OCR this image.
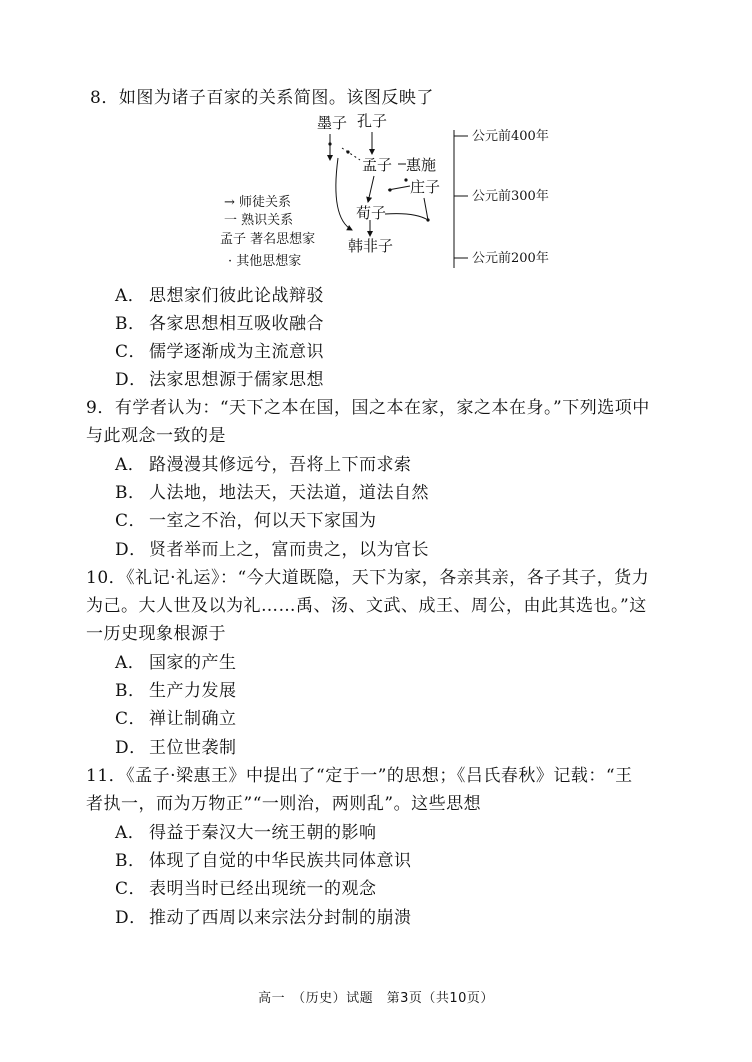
8．如图为诸子百家的关系简图。该图反映了
墨子 孔子
孟子 惠施
庄子
荀子
韩非子
→ 师徒关系
一 熟识关系
孟子 著名思想家
· 其他思想家
公元前400年
公元前300年
公元前200年
A． 思想家们彼此论战辩驳
B． 各家思想相互吸收融合
C． 儒学逐渐成为主流意识
D． 法家思想源于儒家思想
9．有学者认为：“天下之本在国，国之本在家，家之本在身。”下列选项中
与此观念一致的是
A． 路漫漫其修远兮，吾将上下而求索
B． 人法地，地法天，天法道，道法自然
C． 一室之不治，何以天下家国为
D． 贤者举而上之，富而贵之，以为官长
10．《礼记·礼运》：“今大道既隐，天下为家，各亲其亲，各子其子，货力
为己。大人世及以为礼……禹、汤、文武、成王、周公，由此其选也。”这
一历史现象根源于
A． 国家的产生
B． 生产力发展
C． 禅让制确立
D． 王位世袭制
11．《孟子·梁惠王》中提出了“定于一”的思想；《吕氏春秋》记载：“王
者执一，而为万物正”“一则治，两则乱”。这些思想
A． 得益于秦汉大一统王朝的影响
B． 体现了自觉的中华民族共同体意识
C． 表明当时已经出现统一的观念
D． 推动了西周以来宗法分封制的崩溃
高一　（历史）试题　第3页（共10页）
